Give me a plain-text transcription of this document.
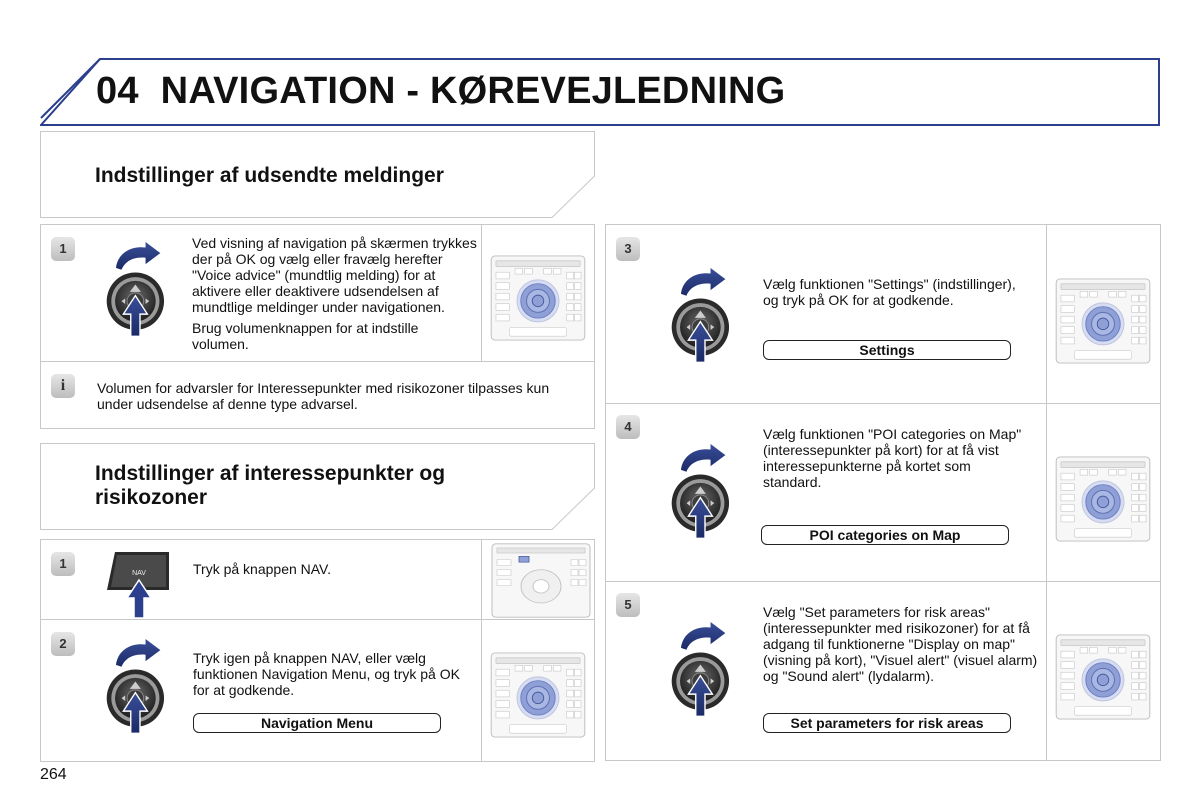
04 NAVIGATION - KØREVEJLEDNING
Indstillinger af udsendte meldinger
1	Ved visning af navigation på skærmen trykkes der på OK og vælg eller fravælg herefter "Voice advice" (mundtlig melding) for at aktivere eller deaktivere udsendelsen af mundtlige meldinger under navigationen.
Brug volumenknappen for at indstille volumen.
i	Volumen for advarsler for Interessepunkter med risikozoner tilpasses kun under udsendelse af denne type advarsel.
Indstillinger af interessepunkter og risikozoner
1
NAV	Tryk på knappen NAV.
2
Tryk igen på knappen NAV, eller vælg funktionen Navigation Menu, og tryk på OK for at godkende.
Navigation Menu
3
Vælg funktionen "Settings" (indstillinger), og tryk på OK for at godkende.
Settings
4	Vælg funktionen "POI categories on Map" (interessepunkter på kort) for at få vist interessepunkterne på kortet som standard.
POI categories on Map
5	Vælg "Set parameters for risk areas" (interessepunkter med risikozoner) for at få adgang til funktionerne "Display on map" (visning på kort), "Visuel alert" (visuel alarm) og "Sound alert" (lydalarm).
Set parameters for risk areas
264
